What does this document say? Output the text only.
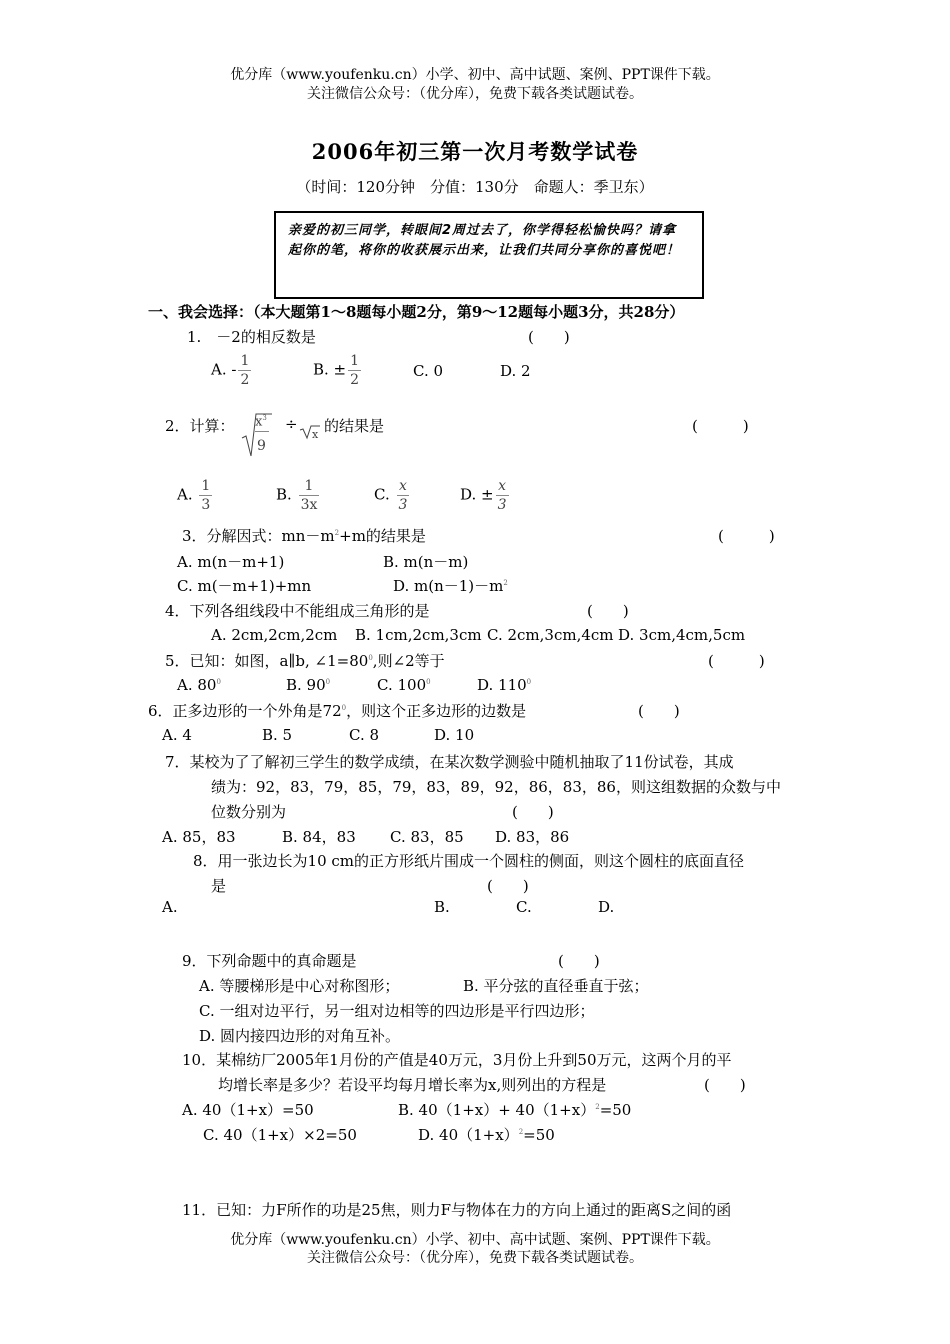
优分库（www.youfenku.cn）小学、初中、高中试题、案例、PPT课件下载。
关注微信公众号：（优分库），免费下载各类试题试卷。
2006年初三第一次月考数学试卷
（时间：120分钟　分值：130分　命题人：季卫东）
亲爱的初三同学，转眼间2周过去了，你学得轻松愉快吗？请拿起你的笔，将你的收获展示出来，让我们共同分享你的喜悦吧！
一、我会选择：（本大题第1～8题每小题2分，第9～12题每小题3分，共28分）
1.　－2的相反数是	(　　)
A. - $\frac{1}{2}$	B. ± $\frac{1}{2}$	C. 0	D. 2
2．计算： $x^3$
9
÷
x 的结果是	(　　　)
A. $\frac{1}{3}$	B. $\frac{1}{3x}$	C. $\frac{x}{3}$	D. ± $\frac{x}{3}$
3．分解因式：$mn-m^2+m$的结果是	(　　　)
A. m(n－m+1)	B. m(n－m)
C. m(－m+1)+mn	D. $m(n-1)-m^2$
4．下列各组线段中不能组成三角形的是	(　　)
A. 2cm,2cm,2cm B. 1cm,2cm,3cm C. 2cm,3cm,4cm D. 3cm,4cm,5cm
5．已知：如图，a∥b, $\angle 1=80^0$,则∠2等于	(　　　)
A. $80^0$	B. $90^0$	C. $100^0$	D. $110^0$
6．正多边形的一个外角是$72^0$，则这个正多边形的边数是	(　　)
A. 4	B. 5	C. 8	D. 10
7．某校为了了解初三学生的数学成绩，在某次数学测验中随机抽取了11份试卷，其成
绩为：92，83，79，85，79，83，89，92，86，83，86，则这组数据的众数与中
位数分别为	(　　)
A. 85，83	B. 84，83 C. 83，85 D. 83，86
8．用一张边长为10 cm的正方形纸片围成一个圆柱的侧面，则这个圆柱的底面直径
是	(　　)
A.	B.	C.	D.
9．下列命题中的真命题是	(　　)
A. 等腰梯形是中心对称图形；	B. 平分弦的直径垂直于弦；
C. 一组对边平行，另一组对边相等的四边形是平行四边形；
D. 圆内接四边形的对角互补。
10．某棉纺厂2005年1月份的产值是40万元，3月份上升到50万元，这两个月的平
均增长率是多少？若设平均每月增长率为x,则列出的方程是	(　　)
A. 40（1+x）=50	B. $40(1+x)+ 40(1+x)^2=50$
C. 40（1+x）×2=50	D. $40(1+x)^2=50$
11．已知：力F所作的功是25焦，则力F与物体在力的方向上通过的距离S之间的函
优分库（www.youfenku.cn）小学、初中、高中试题、案例、PPT课件下载。
关注微信公众号：（优分库），免费下载各类试题试卷。
